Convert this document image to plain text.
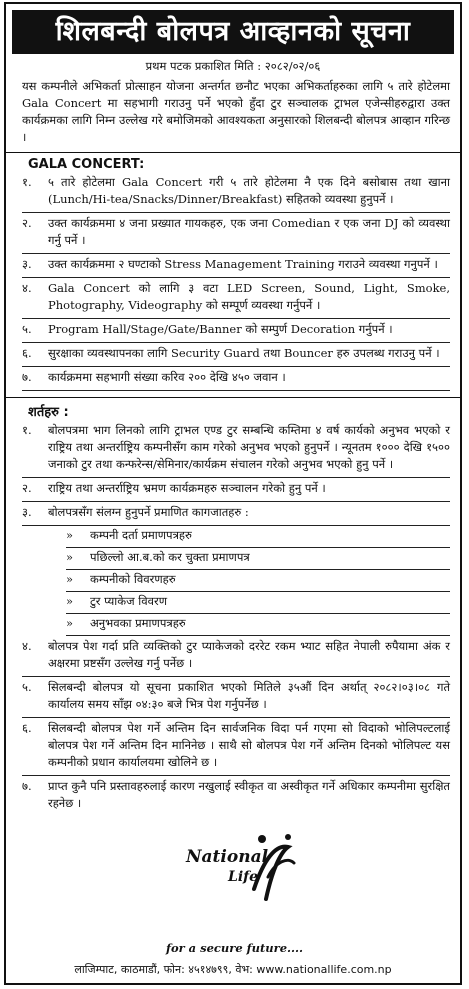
शिलबन्दी बोलपत्र आव्हानको सूचना
प्रथम पटक प्रकाशित मिति : २०८२/०२/०६
यस कम्पनीले अभिकर्ता प्रोत्साहन योजना अन्तर्गत छनौट भएका अभिकर्ताहरुका लागि ५ तारे होटेलमा Gala Concert मा सहभागी गराउनु पर्ने भएको हुँदा टुर सञ्चालक ट्राभल एजेन्सीहरुद्वारा उक्त कार्यक्रमका लागि निम्न उल्लेख गरे बमोजिमको आवश्यकता अनुसारको शिलबन्दी बोलपत्र आव्हान गरिन्छ ।
GALA CONCERT:
१.	५ तारे होटेलमा Gala Concert गरी ५ तारे होटेलमा नै एक दिने बसोबास तथा खाना (Lunch/Hi-tea/Snacks/Dinner/Breakfast) सहितको व्यवस्था हुनुपर्ने ।
२.	उक्त कार्यक्रममा ४ जना प्रख्यात गायकहरु, एक जना Comedian र एक जना DJ को व्यवस्था गर्नु पर्ने ।
३.	उक्त कार्यक्रममा २ घण्टाको Stress Management Training गराउने व्यवस्था गनुपर्ने ।
४.	Gala Concert को लागि ३ वटा LED Screen, Sound, Light, Smoke, Photography, Videography को सम्पूर्ण व्यवस्था गर्नुपर्ने ।
५.	Program Hall/Stage/Gate/Banner को सम्पुर्ण Decoration गर्नुपर्ने ।
६.	सुरक्षाका व्यवस्थापनका लागि Security Guard तथा Bouncer हरु उपलब्ध गराउनु पर्ने ।
७.	कार्यक्रममा सहभागी संख्या करिव २०० देखि ४५० जवान ।
शर्तहरु :
१.	बोलपत्रमा भाग लिनको लागि ट्राभल एण्ड टुर सम्बन्धि कम्तिमा ४ वर्ष कार्यको अनुभव भएको र राष्ट्रिय तथा अन्तर्राष्ट्रिय कम्पनीसँग काम गरेको अनुभव भएको हुनुपर्ने । न्यूनतम १००० देखि १५०० जनाको टुर तथा कन्फरेन्स/सेमिनार/कार्यक्रम संचालन गरेको अनुभव भएको हुनु पर्ने ।
२.	राष्ट्रिय तथा अन्तर्राष्ट्रिय भ्रमण कार्यक्रमहरु सञ्चालन गरेको हुनु पर्ने ।
३.	बोलपत्रसँग संलग्न हुनुपर्ने प्रमाणित कागजातहरु :
»	कम्पनी दर्ता प्रमाणपत्रहरु
»	पछिल्लो आ.ब.को कर चुक्ता प्रमाणपत्र
»	कम्पनीको विवरणहरु
»	टुर प्याकेज विवरण
»	अनुभवका प्रमाणपत्रहरु
४.	बोलपत्र पेश गर्दा प्रति व्यक्तिको टुर प्याकेजको दररेट रकम भ्याट सहित नेपाली रुपैयामा अंक र अक्षरमा प्रष्टसँग उल्लेख गर्नु पर्नेछ ।
५.	सिलबन्दी बोलपत्र यो सूचना प्रकाशित भएको मितिले ३५औं दिन अर्थात् २०८२।०३।०८ गते कार्यालय समय साँझ ०४:३० बजे भित्र पेश गर्नुपर्नेछ ।
६.	सिलबन्दी बोलपत्र पेश गर्ने अन्तिम दिन सार्वजनिक विदा पर्न गएमा सो विदाको भोलिपल्टलाई बोलपत्र पेश गर्ने अन्तिम दिन मानिनेछ । साथै सो बोलपत्र पेश गर्ने अन्तिम दिनको भोलिपल्ट यस कम्पनीको प्रधान कार्यालयमा खोलिने छ ।
७.	प्राप्त कुनै पनि प्रस्तावहरुलाई कारण नखुलाई स्वीकृत वा अस्वीकृत गर्ने अधिकार कम्पनीमा सुरक्षित रहनेछ ।
National
Life
for a secure future....
लाजिम्पाट, काठमाडौं, फोन: ४५१४७९९, वेभ: www.nationallife.com.np
